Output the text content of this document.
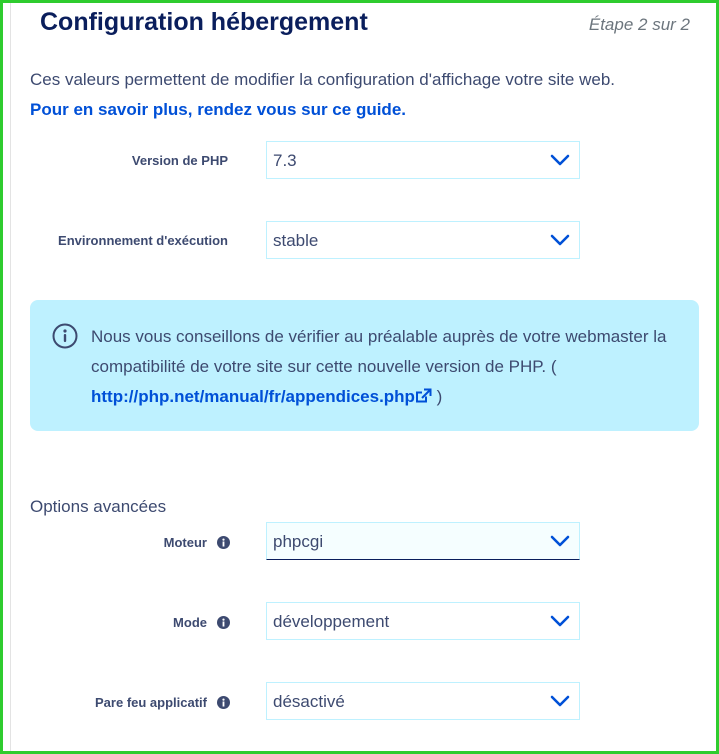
Configuration hébergement	Étape 2 sur 2
Ces valeurs permettent de modifier la configuration d'affichage votre site web.
Pour en savoir plus, rendez vous sur ce guide.
Version de PHP	7.3
Environnement d'exécution	stable
Nous vous conseillons de vérifier au préalable auprès de votre webmaster la compatibilité de votre site sur cette nouvelle version de PHP. ( http://php.net/manual/fr/appendices.php )
Options avancées
Moteur	phpcgi
Mode	développement
Pare feu applicatif	désactivé
